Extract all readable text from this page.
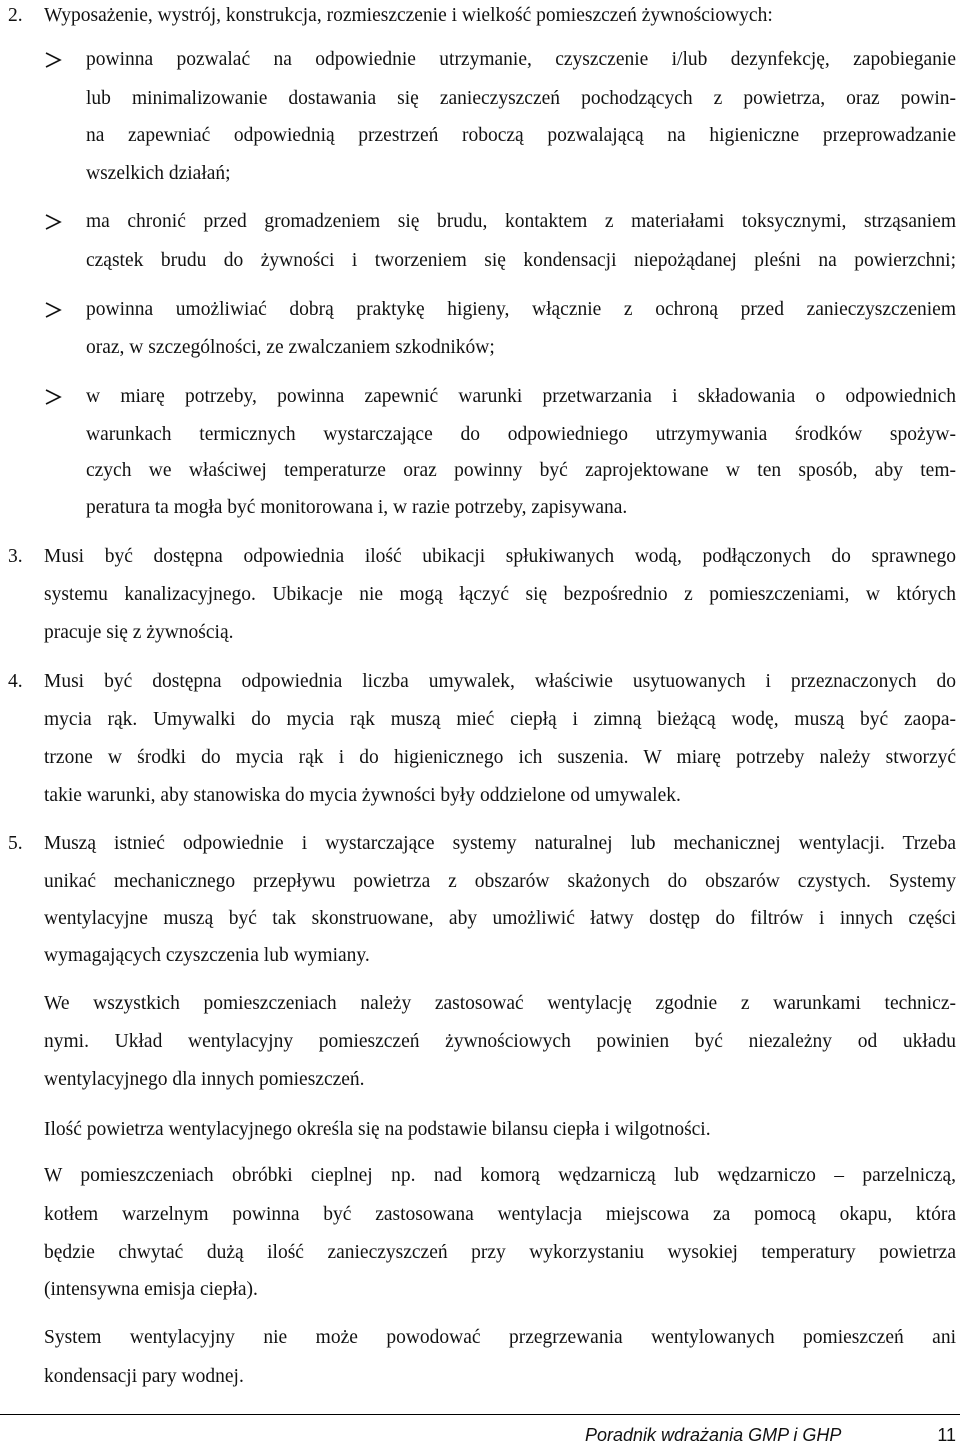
2. Wyposażenie, wystrój, konstrukcja, rozmieszczenie i wielkość pomieszczeń żywnościowych:
powinna pozwalać na odpowiednie utrzymanie, czyszczenie i/lub dezynfekcję, zapobieganie
lub minimalizowanie dostawania się zanieczyszczeń pochodzących z powietrza, oraz powin-
na zapewniać odpowiednią przestrzeń roboczą pozwalającą na higieniczne przeprowadzanie
wszelkich działań;
ma chronić przed gromadzeniem się brudu, kontaktem z materiałami toksycznymi, strząsaniem
cząstek brudu do żywności i tworzeniem się kondensacji niepożądanej pleśni na powierzchni;
powinna umożliwiać dobrą praktykę higieny, włącznie z ochroną przed zanieczyszczeniem
oraz, w szczególności, ze zwalczaniem szkodników;
w miarę potrzeby, powinna zapewnić warunki przetwarzania i składowania o odpowiednich
warunkach termicznych wystarczające do odpowiedniego utrzymywania środków spożyw-
czych we właściwej temperaturze oraz powinny być zaprojektowane w ten sposób, aby tem-
peratura ta mogła być monitorowana i, w razie potrzeby, zapisywana.
3. Musi być dostępna odpowiednia ilość ubikacji spłukiwanych wodą, podłączonych do sprawnego
systemu kanalizacyjnego. Ubikacje nie mogą łączyć się bezpośrednio z pomieszczeniami, w których
pracuje się z żywnością.
4. Musi być dostępna odpowiednia liczba umywalek, właściwie usytuowanych i przeznaczonych do
mycia rąk. Umywalki do mycia rąk muszą mieć ciepłą i zimną bieżącą wodę, muszą być zaopa-
trzone w środki do mycia rąk i do higienicznego ich suszenia. W miarę potrzeby należy stworzyć
takie warunki, aby stanowiska do mycia żywności były oddzielone od umywalek.
5. Muszą istnieć odpowiednie i wystarczające systemy naturalnej lub mechanicznej wentylacji. Trzeba
unikać mechanicznego przepływu powietrza z obszarów skażonych do obszarów czystych. Systemy
wentylacyjne muszą być tak skonstruowane, aby umożliwić łatwy dostęp do filtrów i innych części
wymagających czyszczenia lub wymiany.
We wszystkich pomieszczeniach należy zastosować wentylację zgodnie z warunkami technicz-
nymi. Układ wentylacyjny pomieszczeń żywnościowych powinien być niezależny od układu
wentylacyjnego dla innych pomieszczeń.
Ilość powietrza wentylacyjnego określa się na podstawie bilansu ciepła i wilgotności.
W pomieszczeniach obróbki cieplnej np. nad komorą wędzarniczą lub wędzarniczo – parzelniczą,
kotłem warzelnym powinna być zastosowana wentylacja miejscowa za pomocą okapu, która
będzie chwytać dużą ilość zanieczyszczeń przy wykorzystaniu wysokiej temperatury powietrza
(intensywna emisja ciepła).
System wentylacyjny nie może powodować przegrzewania wentylowanych pomieszczeń ani
kondensacji pary wodnej.
Poradnik wdrażania GMP i GHP	11
